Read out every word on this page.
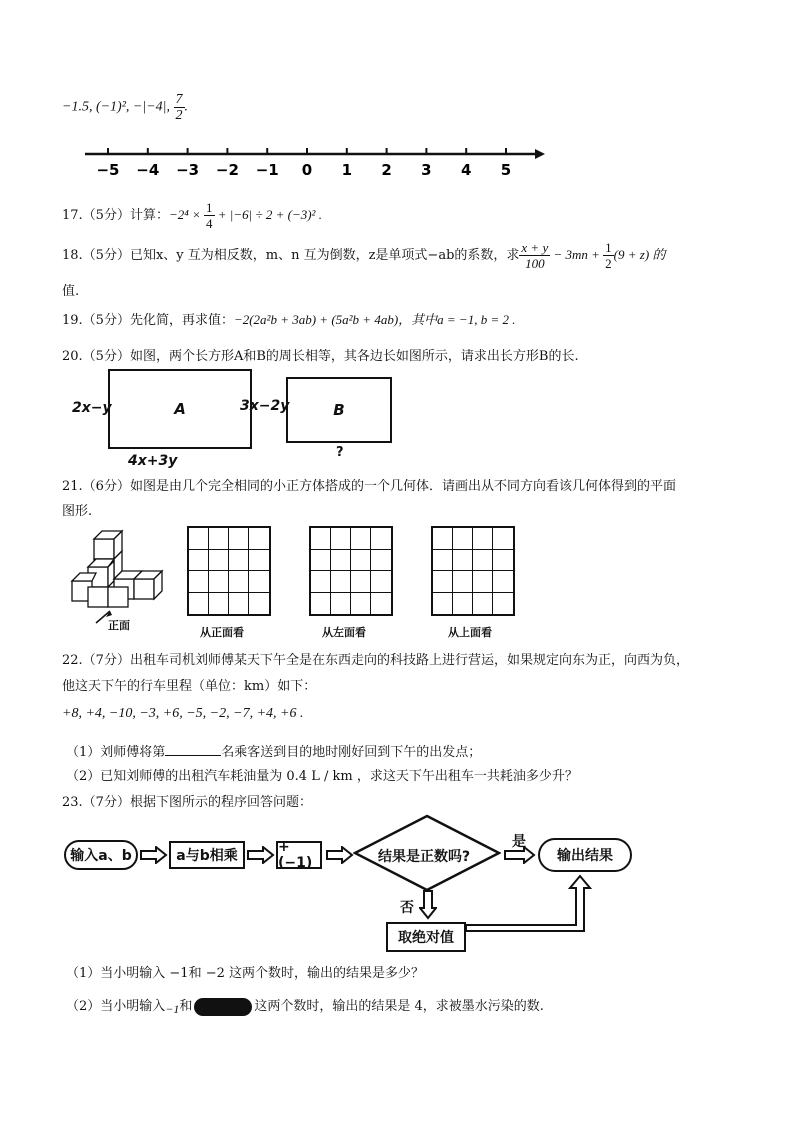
−1.5, (−1)², −|−4|, $\frac{7}{2}$ .
−5 −4 −3 −2 −1 0 1 2 3 4 5
17.（5分）计算：$-2^4 \times \frac{1}{4} + |-6| \div 2 + (-3)^2$ .
18.（5分）已知x、y 互为相反数，m、n 互为倒数，z是单项式−ab的系数，求 $\frac{x + y}{100} - 3mn + \frac{1}{2} (9 + z)$ 的
值.
19.（5分）先化简，再求值：−2(2a²b + 3ab) + (5a²b + 4ab)，其中a = −1, b = 2 .
20.（5分）如图，两个长方形A和B的周长相等，其各边长如图所示，请求出长方形B的长.
2x−y	A
4x+3y
3x−2y	B
?
21.（6分）如图是由几个完全相同的小正方体搭成的一个几何体．请画出从不同方向看该几何体得到的平面
图形.
正面
从正面看	从左面看	从上面看
22.（7分）出租车司机刘师傅某天下午全是在东西走向的科技路上进行营运，如果规定向东为正，向西为负，
他这天下午的行车里程（单位：km）如下：
+8, +4, −10, −3, +6, −5, −2, −7, +4, +6 .
（1）刘师傅将第	名乘客送到目的地时刚好回到下午的出发点；
（2）已知刘师傅的出租汽车耗油量为 0.4 L / km ，求这天下午出租车一共耗油多少升？
23.（7分）根据下图所示的程序回答问题：
输入a、b	a与b相乘
+(−1)	结果是正数吗?
是
输出结果
否
取绝对值
（1）当小明输入 −1和 −2 这两个数时，输出的结果是多少？
（2）当小明输入−1和	这两个数时，输出的结果是 4，求被墨水污染的数.
